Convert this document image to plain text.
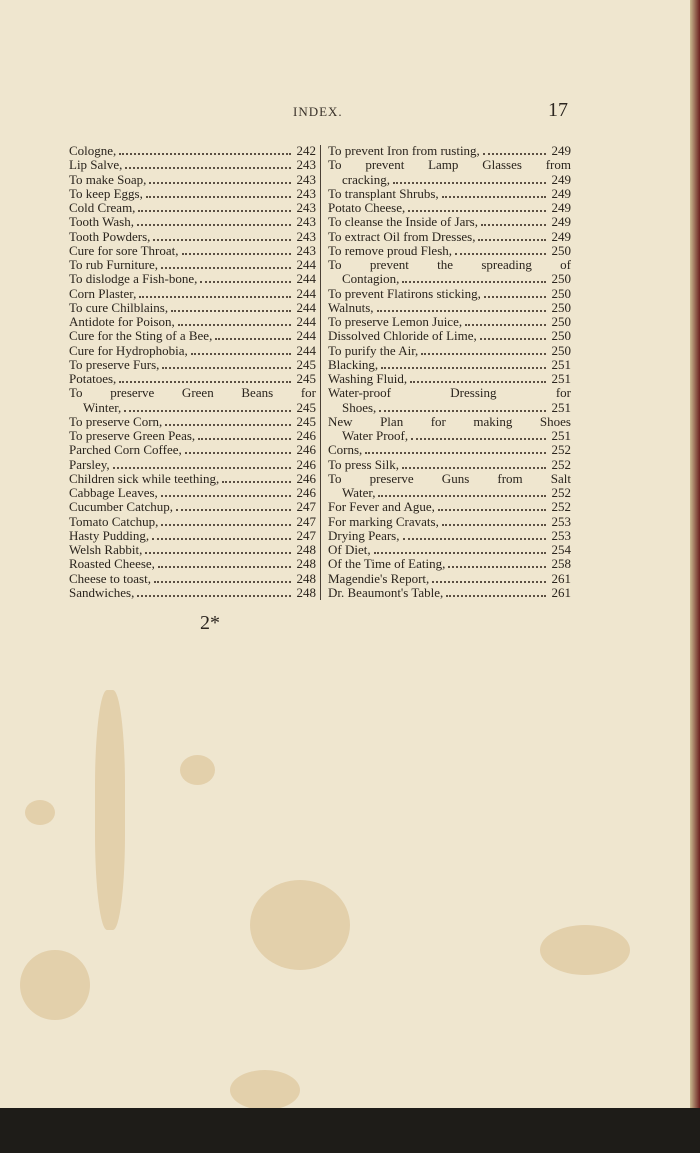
INDEX.	17
Cologne,	242
Lip Salve,	243
To make Soap,	243
To keep Eggs,	243
Cold Cream,	243
Tooth Wash,	243
Tooth Powders,	243
Cure for sore Throat,	243
To rub Furniture,	244
To dislodge a Fish-bone,	244
Corn Plaster,	244
To cure Chilblains,	244
Antidote for Poison,	244
Cure for the Sting of a Bee,	244
Cure for Hydrophobia,	244
To preserve Furs,	245
Potatoes,	245
To preserve Green Beans for
Winter,	245
To preserve Corn,	245
To preserve Green Peas,	246
Parched Corn Coffee,	246
Parsley,	246
Children sick while teething,	246
Cabbage Leaves,	246
Cucumber Catchup,	247
Tomato Catchup,	247
Hasty Pudding,	247
Welsh Rabbit,	248
Roasted Cheese,	248
Cheese to toast,	248
Sandwiches,	248
To prevent Iron from rusting,	249
To prevent Lamp Glasses from
cracking,	249
To transplant Shrubs,	249
Potato Cheese,	249
To cleanse the Inside of Jars,	249
To extract Oil from Dresses,	249
To remove proud Flesh,	250
To prevent the spreading of
Contagion,	250
To prevent Flatirons sticking,	250
Walnuts,	250
To preserve Lemon Juice,	250
Dissolved Chloride of Lime,	250
To purify the Air,	250
Blacking,	251
Washing Fluid,	251
Water-proof Dressing for
Shoes,	251
New Plan for making Shoes
Water Proof,	251
Corns,	252
To press Silk,	252
To preserve Guns from Salt
Water,	252
For Fever and Ague,	252
For marking Cravats,	253
Drying Pears,	253
Of Diet,	254
Of the Time of Eating,	258
Magendie's Report,	261
Dr. Beaumont's Table,	261
2*
